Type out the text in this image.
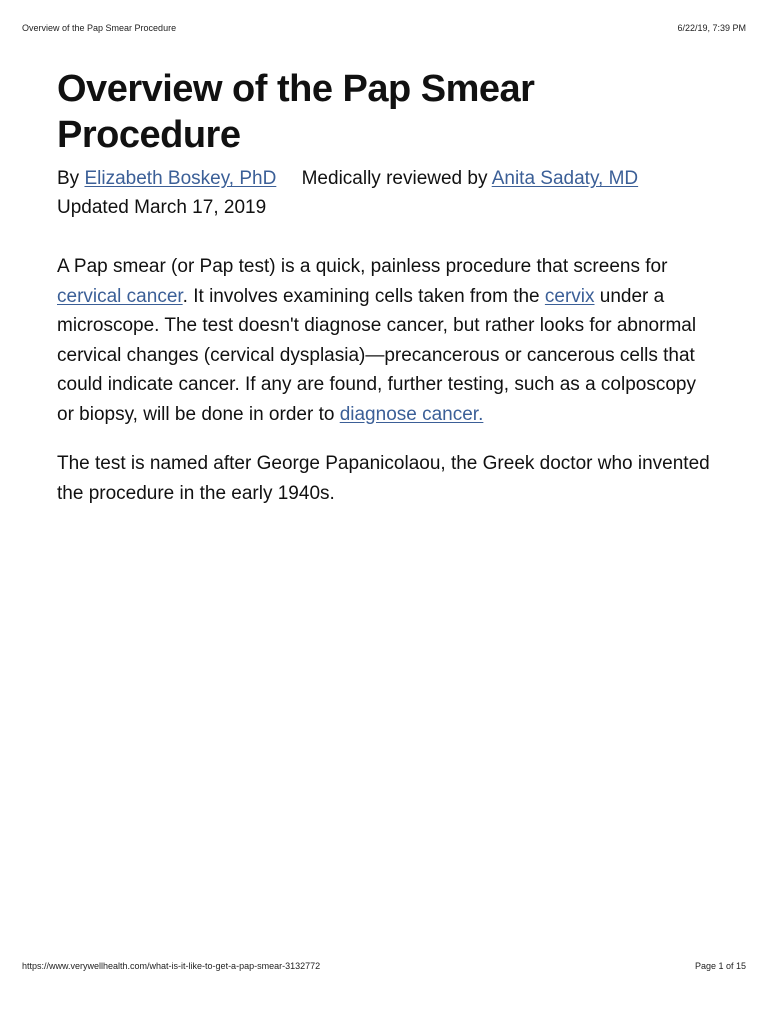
Overview of the Pap Smear Procedure	6/22/19, 7:39 PM
Overview of the Pap Smear Procedure
By Elizabeth Boskey, PhD Medically reviewed by Anita Sadaty, MD
Updated March 17, 2019

A Pap smear (or Pap test) is a quick, painless procedure that screens for cervical cancer. It involves examining cells taken from the cervix under a microscope. The test doesn't diagnose cancer, but rather looks for abnormal cervical changes (cervical dysplasia)—precancerous or cancerous cells that could indicate cancer. If any are found, further testing, such as a colposcopy or biopsy, will be done in order to diagnose cancer.

The test is named after George Papanicolaou, the Greek doctor who invented the procedure in the early 1940s.

https://www.verywellhealth.com/what-is-it-like-to-get-a-pap-smear-3132772	Page 1 of 15
